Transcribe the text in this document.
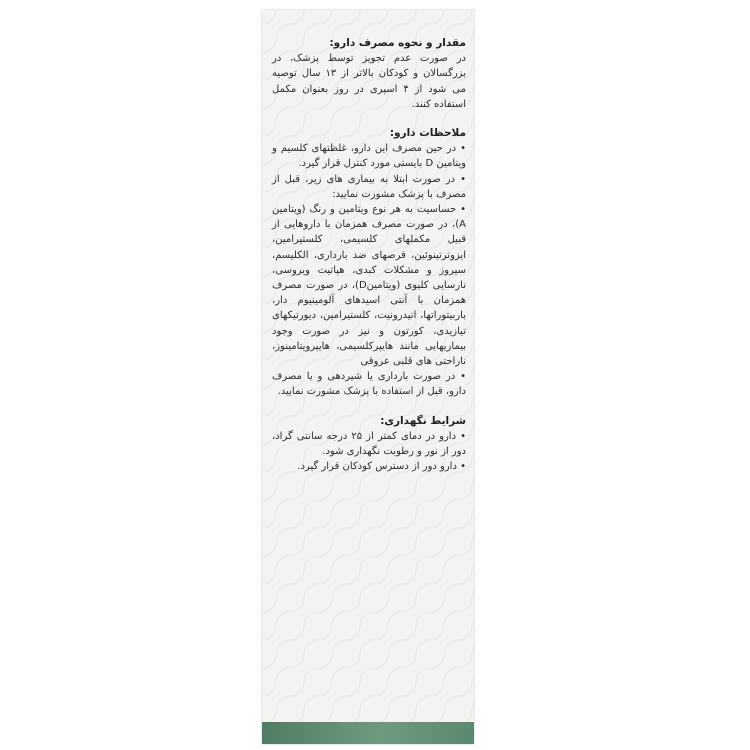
مقدار و نحوه مصرف دارو:

در صورت عدم تجویز توسط پزشک، در بزرگسالان و کودکان بالاتر از ۱۳ سال توصیه می شود از ۴ اسپری در روز بعنوان مکمل استفاده کنند.

ملاحظات دارو:

• در حین مصرف این دارو، غلظتهای کلسیم و ویتامین D بایستی مورد کنترل قرار گیرد.

• در صورت ابتلا به بیماری های زیر، قبل از مصرف با پزشک مشورت نمایید:

• حساسیت به هر نوع ویتامین و رنگ (ویتامین A)، در صورت مصرف همزمان با داروهایی از قبیل مکملهای کلسیمی، کلستیرامین، ایزوترتینوئین، قرصهای ضد بارداری، الکلیسم، سیروز و مشکلات کبدی، هپاتیت ویروسی، نارسایی کلیوی (ویتامینD)، در صورت مصرف همزمان با آنتی اسیدهای آلومینیوم دار، باربیتوراتها، اتیدرونیت، کلستیرامین، دیورتیکهای تیازیدی، کورتون و نیز در صورت وجود بیماریهایی مانند هایپرکلسیمی، هایپرویتامینوز، ناراحتی های قلبی عروقی

• در صورت بارداری یا شیردهی و یا مصرف دارو، قبل از استفاده با پزشک مشورت نمایید.

شرایط نگهداری:

• دارو در دمای کمتر از ۲۵ درجه سانتی گراد، دور از نور و رطوبت نگهداری شود.

• دارو دور از دسترس کودکان قرار گیرد.
